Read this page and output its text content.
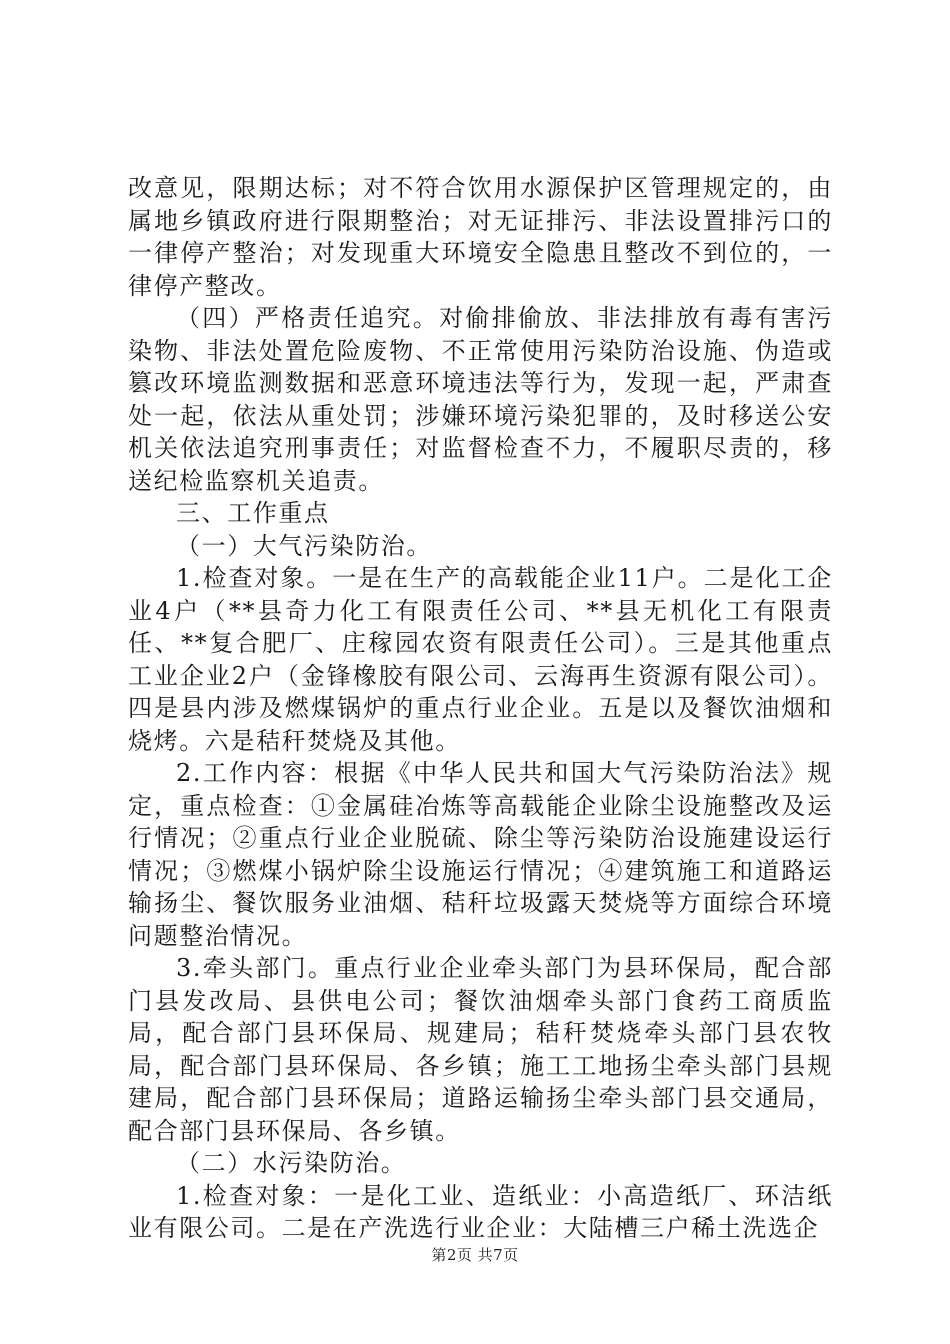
改意见，限期达标；对不符合饮用水源保护区管理规定的，由属地乡镇政府进行限期整治；对无证排污、非法设置排污口的一律停产整治；对发现重大环境安全隐患且整改不到位的，一律停产整改。

（四）严格责任追究。对偷排偷放、非法排放有毒有害污染物、非法处置危险废物、不正常使用污染防治设施、伪造或篡改环境监测数据和恶意环境违法等行为，发现一起，严肃查处一起，依法从重处罚；涉嫌环境污染犯罪的，及时移送公安机关依法追究刑事责任；对监督检查不力，不履职尽责的，移送纪检监察机关追责。

三、工作重点

（一）大气污染防治。

1.检查对象。一是在生产的高载能企业11户。二是化工企业4户（**县奇力化工有限责任公司、**县无机化工有限责任、**复合肥厂、庄稼园农资有限责任公司）。三是其他重点工业企业2户（金锋橡胶有限公司、云海再生资源有限公司）。四是县内涉及燃煤锅炉的重点行业企业。五是以及餐饮油烟和烧烤。六是秸秆焚烧及其他。

2.工作内容：根据《中华人民共和国大气污染防治法》规定，重点检查：①金属硅冶炼等高载能企业除尘设施整改及运行情况；②重点行业企业脱硫、除尘等污染防治设施建设运行情况；③燃煤小锅炉除尘设施运行情况；④建筑施工和道路运输扬尘、餐饮服务业油烟、秸秆垃圾露天焚烧等方面综合环境问题整治情况。

3.牵头部门。重点行业企业牵头部门为县环保局，配合部门县发改局、县供电公司；餐饮油烟牵头部门食药工商质监局，配合部门县环保局、规建局；秸秆焚烧牵头部门县农牧局，配合部门县环保局、各乡镇；施工工地扬尘牵头部门县规建局，配合部门县环保局；道路运输扬尘牵头部门县交通局，配合部门县环保局、各乡镇。

（二）水污染防治。

1.检查对象：一是化工业、造纸业：小高造纸厂、环洁纸业有限公司。二是在产洗选行业企业：大陆槽三户稀土洗选企

第2页 共7页
